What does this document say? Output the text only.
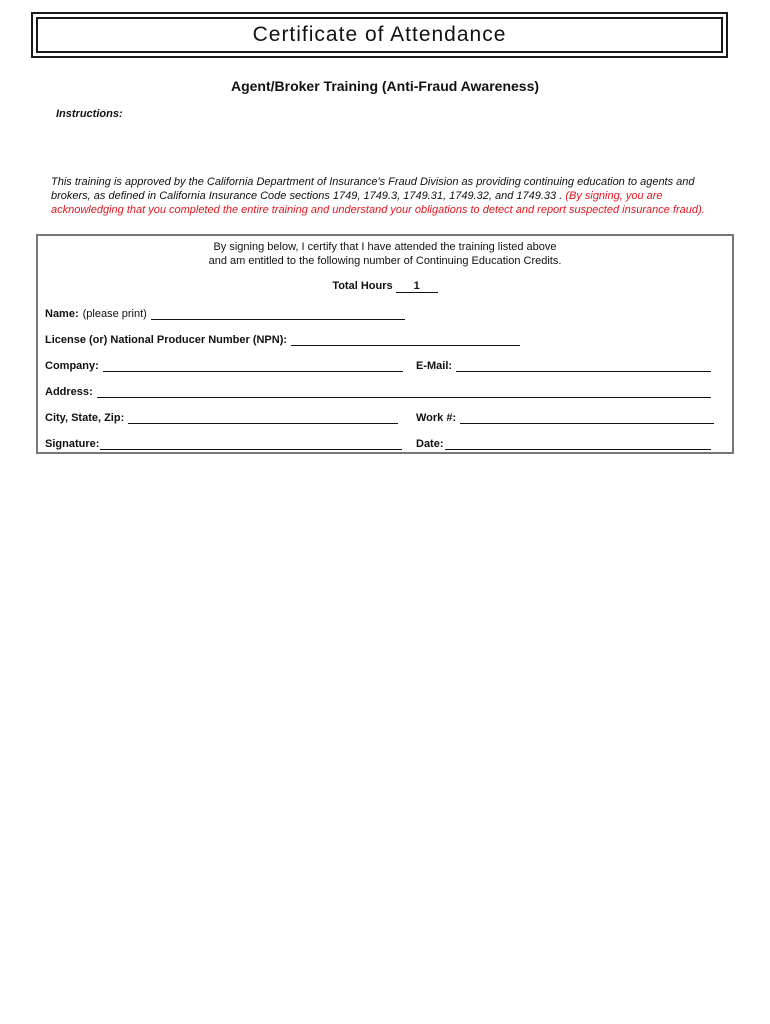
Certificate of Attendance
Agent/Broker Training (Anti-Fraud Awareness)
Instructions:
This training is approved by the California Department of Insurance's Fraud Division as providing continuing education to agents and brokers, as defined in California Insurance Code sections 1749, 1749.3, 1749.31, 1749.32, and 1749.33 . (By signing, you are acknowledging that you completed the entire training and understand your obligations to detect and report suspected insurance fraud).
By signing below, I certify that I have attended the training listed above
and am entitled to the following number of Continuing Education Credits.
Total Hours 1
Name: (please print)
License (or) National Producer Number (NPN):
Company:	E-Mail:
Address:
City, State, Zip:	Work #:
Signature:	Date:
